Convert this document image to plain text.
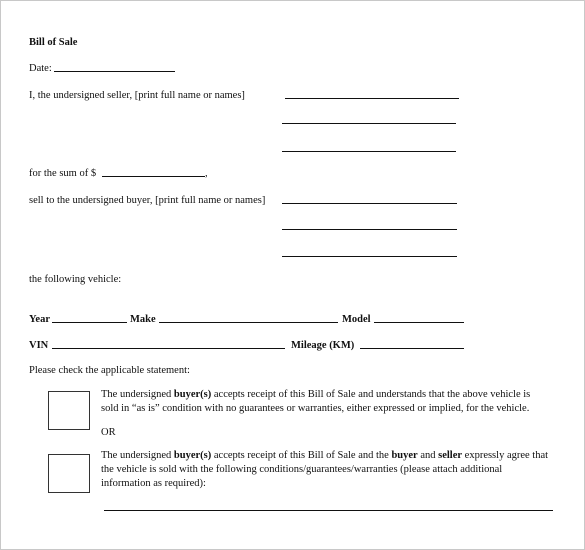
Bill of Sale
Date:
I, the undersigned seller, [print full name or names]
for the sum of $	,
sell to the undersigned buyer, [print full name or names]
the following vehicle:
Year	Make	Model
VIN	Mileage (KM)
Please check the applicable statement:
The undersigned buyer(s) accepts receipt of this Bill of Sale and understands that the above vehicle is
sold in “as is” condition with no guarantees or warranties, either expressed or implied, for the vehicle.
OR
The undersigned buyer(s) accepts receipt of this Bill of Sale and the buyer and seller expressly agree that
the vehicle is sold with the following conditions/guarantees/warranties (please attach additional
information as required):
